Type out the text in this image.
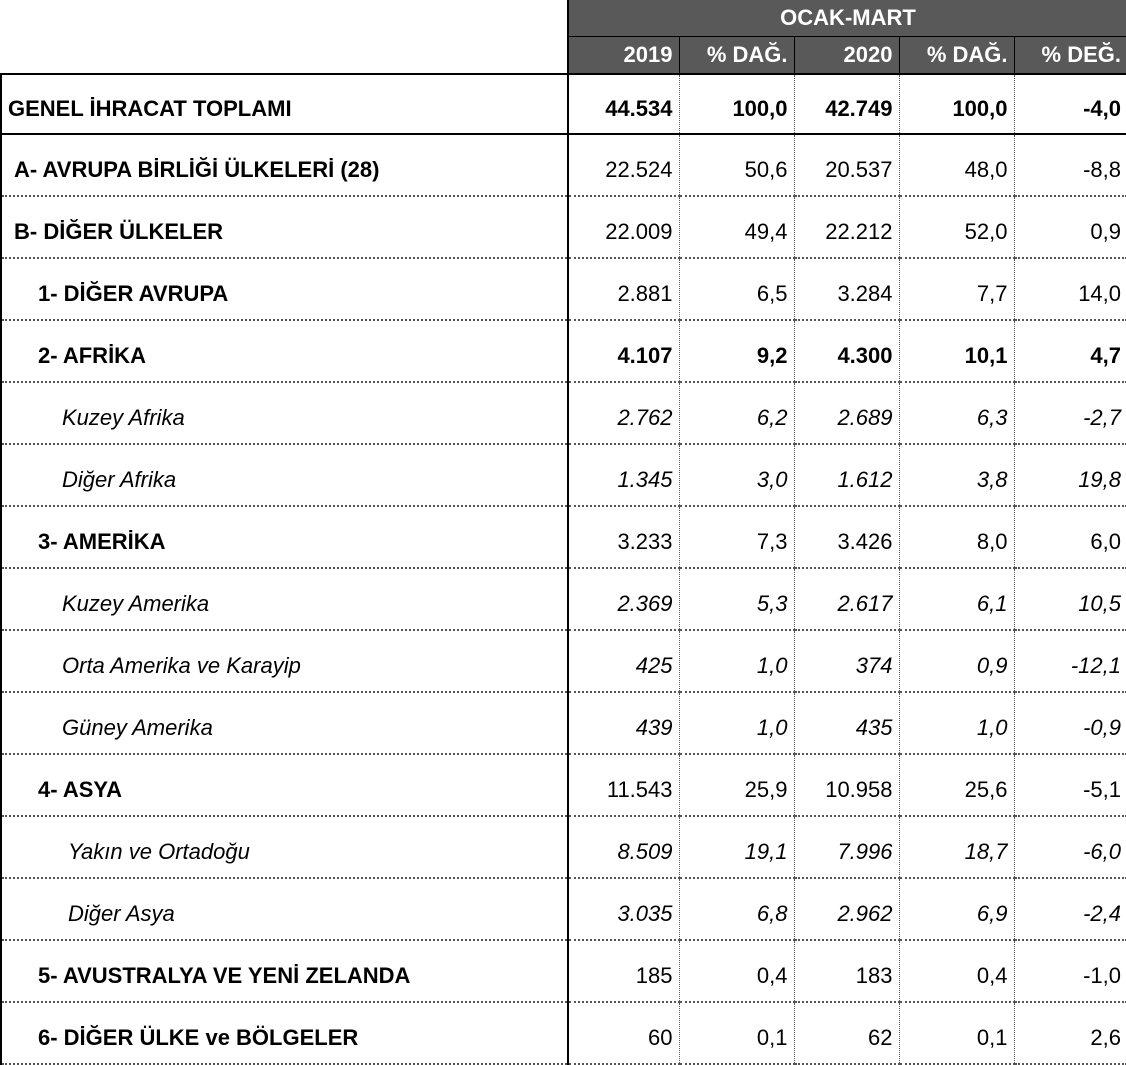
	OCAK-MART				
	2019	% DAĞ.	2020	% DAĞ.	% DEĞ.
GENEL İHRACAT TOPLAMI	44.534	100,0	42.749	100,0	-4,0
A- AVRUPA BİRLİĞİ ÜLKELERİ (28)	22.524	50,6	20.537	48,0	-8,8
B- DİĞER ÜLKELER	22.009	49,4	22.212	52,0	0,9
1- DİĞER AVRUPA	2.881	6,5	3.284	7,7	14,0
2- AFRİKA	4.107	9,2	4.300	10,1	4,7
Kuzey Afrika	2.762	6,2	2.689	6,3	-2,7
Diğer Afrika	1.345	3,0	1.612	3,8	19,8
3- AMERİKA	3.233	7,3	3.426	8,0	6,0
Kuzey Amerika	2.369	5,3	2.617	6,1	10,5
Orta Amerika ve Karayip	425	1,0	374	0,9	-12,1
Güney Amerika	439	1,0	435	1,0	-0,9
4- ASYA	11.543	25,9	10.958	25,6	-5,1
Yakın ve Ortadoğu	8.509	19,1	7.996	18,7	-6,0
Diğer Asya	3.035	6,8	2.962	6,9	-2,4
5- AVUSTRALYA VE YENİ ZELANDA	185	0,4	183	0,4	-1,0
6- DİĞER ÜLKE ve BÖLGELER	60	0,1	62	0,1	2,6
